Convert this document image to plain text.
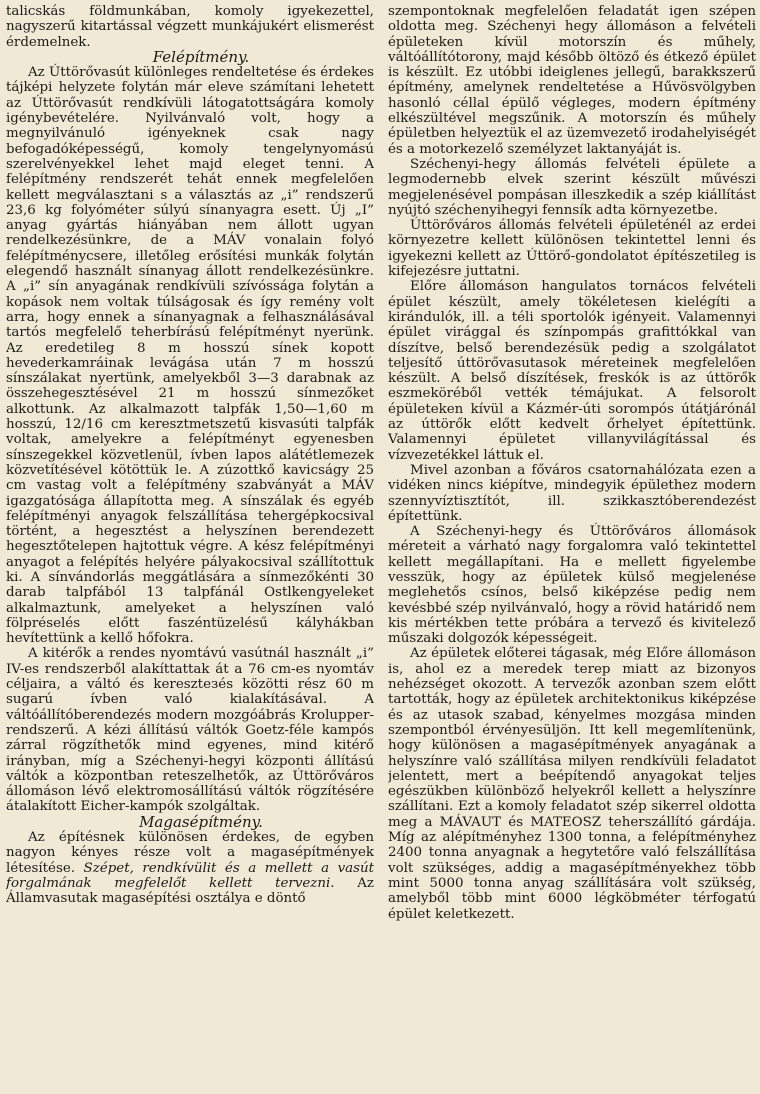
talicskás földmunkában, komoly igyekezettel, nagyszerű kitartással végzett munkájukért elismerést érdemelnek.

Felépítmény.

Az Úttörővasút különleges rendeltetése és érdekes tájképi helyzete folytán már eleve számítani lehetett az Úttörővasút rendkívüli látogatottságára komoly igénybevételére. Nyilvánvaló volt, hogy a megnyilvánuló igényeknek csak nagy befogadóképességű, komoly tengelynyomású szerelvényekkel lehet majd eleget tenni. A felépítmény rendszerét tehát ennek megfelelően kellett megválasztani s a választás az „i” rendszerű 23,6 kg folyóméter súlyú sínanyagra esett. Új „I” anyag gyártás hiányában nem állott ugyan rendelkezésünkre, de a MÁV vonalain folyó felépítménycsere, illetőleg erősítési munkák folytán elegendő használt sínanyag állott rendelkezésünkre. A „i” sín anyagának rendkívüli szívóssága folytán a kopások nem voltak túlságosak és így remény volt arra, hogy ennek a sínanyagnak a felhasználásával tartós megfelelő teherbírású felépítményt nyerünk. Az eredetileg 8 m hosszú sínek kopott hevederkamráinak levágása után 7 m hosszú sínszálakat nyertünk, amelyekből 3—3 darabnak az összehegesztésével 21 m hosszú sínmezőket alkottunk. Az alkalmazott talpfák 1,50—1,60 m hosszú, 12/16 cm keresztmetszetű kisvasúti talpfák voltak, amelyekre a felépítményt egyenesben sínszegekkel közvetlenül, ívben lapos alátétlemezek közvetítésével kötöttük le. A zúzottkő kavicságy 25 cm vastag volt a felépítmény szabványát a MÁV igazgatósága állapította meg. A sínszálak és egyéb felépítményi anyagok felszállítása tehergépkocsival történt, a hegesztést a helyszínen berendezett hegesztőtelepen hajtottuk végre. A kész felépítményi anyagot a felépítés helyére pályakocsival szállítottuk ki. A sínvándorlás meggátlására a sínmezőkénti 30 darab talpfából 13 talpfánál Ostlkengyeleket alkalmaztunk, amelyeket a helyszínen való fölpréselés előtt faszéntüzelésű kályhákban hevítettünk a kellő hőfokra.

A kitérők a rendes nyomtávú vasútnál használt „i” IV-es rendszerből alakíttattak át a 76 cm-es nyomtáv céljaira, a váltó és kereszteзés közötti rész 60 m sugarú ívben való kialakításával. A váltóállítóberendezés modern mozgóábrás Krolupper-rendszerű. A kézi állítású váltók Goetz-féle kampós zárral rögzíthetők mind egyenes, mind kitérő irányban, míg a Széchenyi-hegyi központi állítású váltók a központban reteszelhetők, az Úttörőváros állomáson lévő elektromosállítású váltók rögzítésére átalakított Eicher-kampók szolgáltak.

Magasépítmény.

Az építésnek különösen érdekes, de egyben nagyon kényes része volt a magasépítmények létesítése. Szépet, rendkívülit és a mellett a vasút forgalmának megfelelőt kellett tervezni. Az Államvasutak magasépítési osztálya e döntő

szempontoknak megfelelően feladatát igen szépen oldotta meg. Széchenyi hegy állomáson a felvételi épületeken kívül motorszín és műhely, váltóállítótorony, majd később öltöző és étkező épület is készült. Ez utóbbi ideiglenes jellegű, barakkszerű építmény, amelynek rendeltetése a Hűvösvölgyben hasonló céllal épülő végleges, modern építmény elkészültével megszűnik. A motorszín és műhely épületben helyeztük el az üzemvezető irodahelyiségét és a motorkezelő személyzet laktanyáját is.

Széchenyi-hegy állomás felvételi épülete a legmodernebb elvek szerint készült művészi megjelenésével pompásan illeszkedik a szép kiállítást nyújtó széchenyihegyi fennsík adta környezetbe.

Úttörőváros állomás felvételi épületénél az erdei környezetre kellett különösen tekintettel lenni és igyekezni kellett az Úttörő-gondolatot építészetileg is kifejezésre juttatni.

Előre állomáson hangulatos tornácos felvételi épület készült, amely tökéletesen kielégíti a kirándulók, ill. a téli sportolók igényeit. Valamennyi épület virággal és színpompás grafittókkal van díszítve, belső berendezésük pedig a szolgálatot teljesítő úttörővasutasok méreteinek megfelelően készült. A belső díszítések, freskók is az úttörők eszmeköréből vették témájukat. A felsorolt épületeken kívül a Kázmér-úti sorompós útátjárónál az úttörők előtt kedvelt őrhelyet építettünk. Valamennyi épületet villanyvilágítással és vízvezetékkel láttuk el.

Mivel azonban a főváros csatornahálózata ezen a vidéken nincs kiépítve, mindegyik épülethez modern szennyvíztisztítót, ill. szikkasztóberendezést építettünk.

A Széchenyi-hegy és Úttörőváros állomások méreteit a várható nagy forgalomra való tekintettel kellett megállapítani. Ha e mellett figyelembe vesszük, hogy az épületek külső megjelenése meglehetős csínos, belső kiképzése pedig nem kevésbbé szép nyilvánvaló, hogy a rövid határidő nem kis mértékben tette próbára a tervező és kivitelező műszaki dolgozók képességeit.

Az épületek előterei tágasak, még Előre állomáson is, ahol ez a meredek terep miatt az bizonyos nehézséget okozott. A tervezők azonban szem előtt tartották, hogy az épületek architektonikus kiképzése és az utasok szabad, kényelmes mozgása minden szempontból érvényesüljön. Itt kell megemlítenünk, hogy különösen a magasépítmények anyagának a helyszínre való szállítása milyen rendkívüli feladatot jelentett, mert a beépítendő anyagokat teljes egészükben különböző helyekről kellett a helyszínre szállítani. Ezt a komoly feladatot szép sikerrel oldotta meg a MÁVAUT és MATEOSZ teherszállító gárdája. Míg az alépítményhez 1300 tonna, a felépítményhez 2400 tonna anyagnak a hegytetőre való felszállítása volt szükséges, addig a magasépítményekhez több mint 5000 tonna anyag szállítására volt szükség, amelyből több mint 6000 légköbméter térfogatú épület keletkezett.
